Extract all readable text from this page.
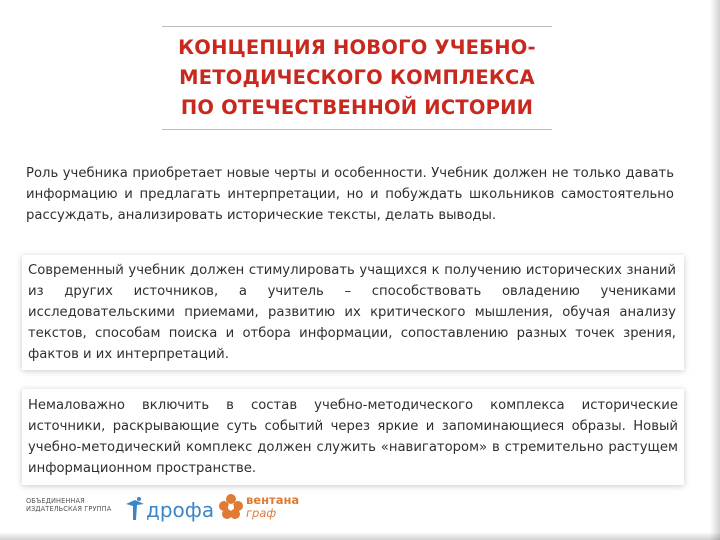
КОНЦЕПЦИЯ НОВОГО УЧЕБНО-
МЕТОДИЧЕСКОГО КОМПЛЕКСА
ПО ОТЕЧЕСТВЕННОЙ ИСТОРИИ
Роль учебника приобретает новые черты и особенности. Учебник должен не только давать информацию и предлагать интерпретации, но и побуждать школьников самостоятельно рассуждать, анализировать исторические тексты, делать выводы.
Современный учебник должен стимулировать учащихся к получению исторических знаний из других источников, а учитель – способствовать овладению учениками исследовательскими приемами, развитию их критического мышления, обучая анализу текстов, способам поиска и отбора информации, сопоставлению разных точек зрения, фактов и их интерпретаций.
Немаловажно включить в состав учебно-методического комплекса исторические источники, раскрывающие суть событий через яркие и запоминающиеся образы. Новый учебно-методический комплекс должен служить «навигатором» в стремительно растущем информационном пространстве.
ОБЪЕДИНЕННАЯ
ИЗДАТЕЛЬСКАЯ ГРУППА дрофа	вентана
граф
